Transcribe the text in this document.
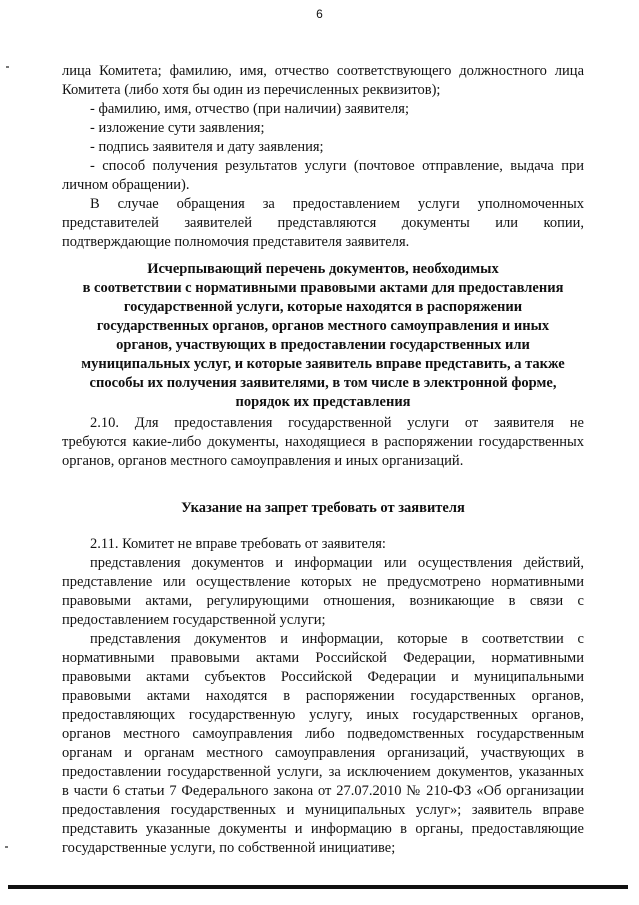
6
лица Комитета; фамилию, имя, отчество соответствующего должностного лица
Комитета (либо хотя бы один из перечисленных реквизитов);
- фамилию, имя, отчество (при наличии) заявителя;
- изложение сути заявления;
- подпись заявителя и дату заявления;
- способ получения результатов услуги (почтовое отправление, выдача при
личном обращении).
В случае обращения за предоставлением услуги уполномоченных
представителей заявителей представляются документы или копии,
подтверждающие полномочия представителя заявителя.
Исчерпывающий перечень документов, необходимых
в соответствии с нормативными правовыми актами для предоставления
государственной услуги, которые находятся в распоряжении
государственных органов, органов местного самоуправления и иных
органов, участвующих в предоставлении государственных или
муниципальных услуг, и которые заявитель вправе представить, а также
способы их получения заявителями, в том числе в электронной форме,
порядок их представления
2.10. Для предоставления государственной услуги от заявителя не
требуются какие-либо документы, находящиеся в распоряжении государственных
органов, органов местного самоуправления и иных организаций.
Указание на запрет требовать от заявителя
2.11. Комитет не вправе требовать от заявителя:
представления документов и информации или осуществления действий,
представление или осуществление которых не предусмотрено нормативными
правовыми актами, регулирующими отношения, возникающие в связи с
предоставлением государственной услуги;
представления документов и информации, которые в соответствии с
нормативными правовыми актами Российской Федерации, нормативными
правовыми актами субъектов Российской Федерации и муниципальными
правовыми актами находятся в распоряжении государственных органов,
предоставляющих государственную услугу, иных государственных органов,
органов местного самоуправления либо подведомственных государственным
органам и органам местного самоуправления организаций, участвующих в
предоставлении государственной услуги, за исключением документов, указанных
в части 6 статьи 7 Федерального закона от 27.07.2010 № 210-ФЗ «Об организации
предоставления государственных и муниципальных услуг»; заявитель вправе
представить указанные документы и информацию в органы, предоставляющие
государственные услуги, по собственной инициативе;
